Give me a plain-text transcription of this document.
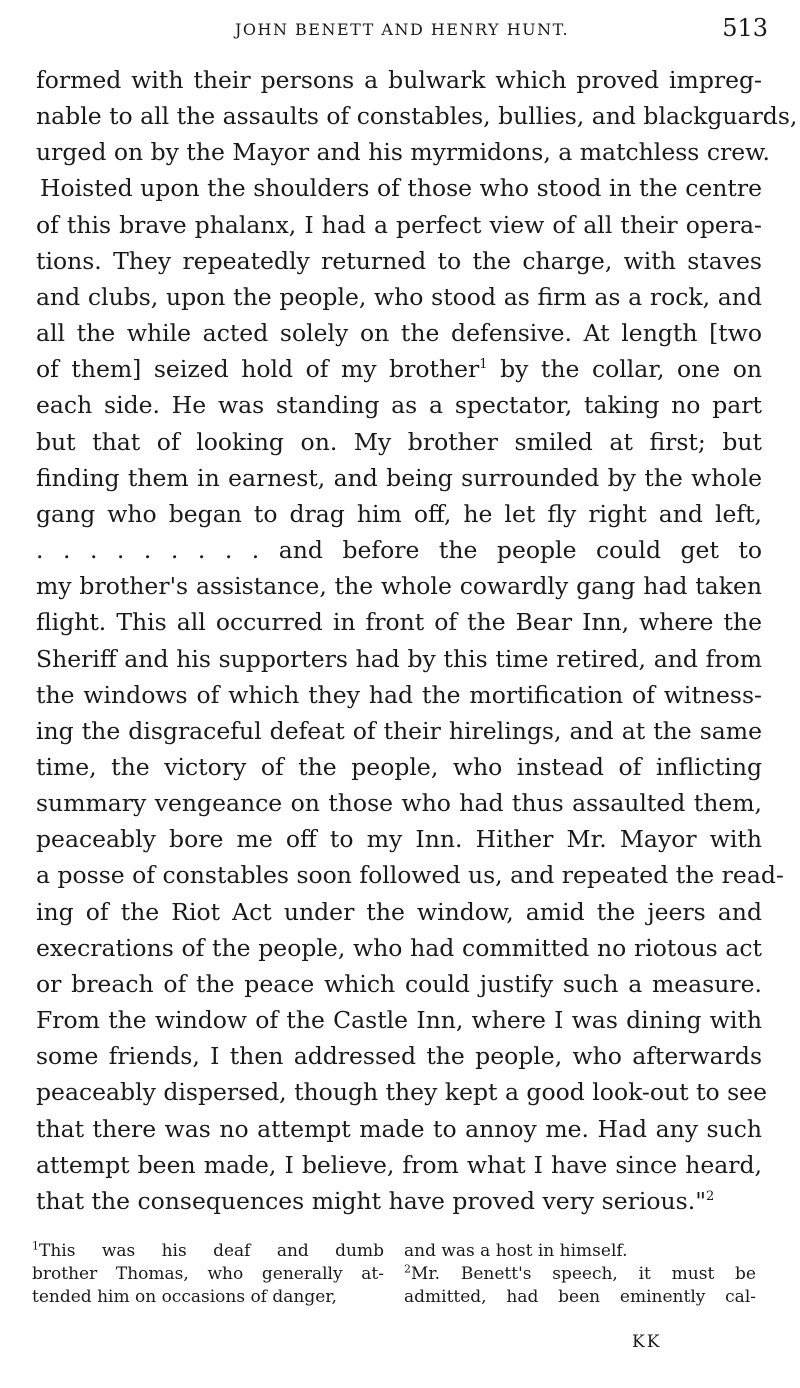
JOHN BENETT AND HENRY HUNT.	513
formed with their persons a bulwark which proved impreg-
nable to all the assaults of constables, bullies, and blackguards,
urged on by the Mayor and his myrmidons, a matchless crew.
Hoisted upon the shoulders of those who stood in the centre
of this brave phalanx, I had a perfect view of all their opera-
tions. They repeatedly returned to the charge, with staves
and clubs, upon the people, who stood as firm as a rock, and
all the while acted solely on the defensive. At length [two
of them] seized hold of my brother$^1$ by the collar, one on
each side. He was standing as a spectator, taking no part
but that of looking on. My brother smiled at first; but
finding them in earnest, and being surrounded by the whole
gang who began to drag him off, he let fly right and left,
. . . . . . . . . and before the people could get to
my brother's assistance, the whole cowardly gang had taken
flight. This all occurred in front of the Bear Inn, where the
Sheriff and his supporters had by this time retired, and from
the windows of which they had the mortification of witness-
ing the disgraceful defeat of their hirelings, and at the same
time, the victory of the people, who instead of inflicting
summary vengeance on those who had thus assaulted them,
peaceably bore me off to my Inn. Hither Mr. Mayor with
a posse of constables soon followed us, and repeated the read-
ing of the Riot Act under the window, amid the jeers and
execrations of the people, who had committed no riotous act
or breach of the peace which could justify such a measure.
From the window of the Castle Inn, where I was dining with
some friends, I then addressed the people, who afterwards
peaceably dispersed, though they kept a good look-out to see
that there was no attempt made to annoy me. Had any such
attempt been made, I believe, from what I have since heard,
that the consequences might have proved very serious."$^2$
$^1$This was his deaf and dumb
brother Thomas, who generally at-
tended him on occasions of danger,
and was a host in himself.
$^2$Mr. Benett's speech, it must be
admitted, had been eminently cal-
KK
